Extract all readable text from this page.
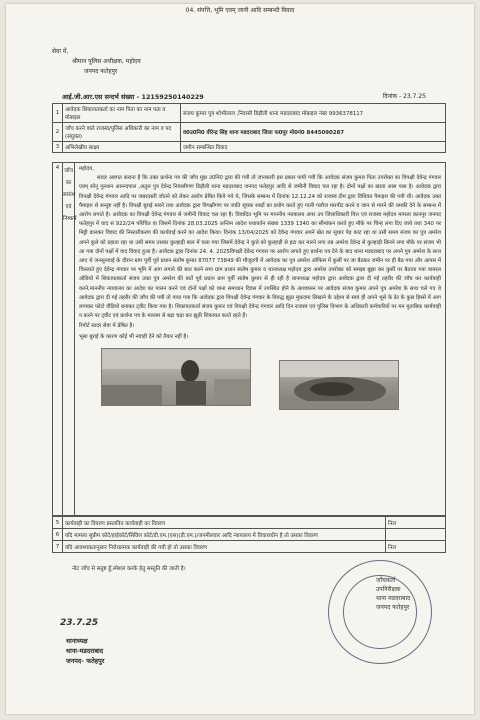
04. संपत्ति, भूमि एवम् जानी आदि सम्बन्धी विवाद
सेवा में,
श्रीमान पुलिस अधीक्षक, महोदय
जनपद फतेहपुर
आई.जी.आर.एस सन्दर्भ संख्या - 12159250140229	दिनांक - 23.7.25
1	आवेदक शिकायतकर्ता का नाम पिता का नाम पता व मोबाइल	संजय कुमार पुत्र शोभीलाल ,निवासी डिड़ौली थाना मडदराबाद मोबाइल नंबर 9936378117
2	जाँच करने वाले राजस्व/पुलिस अधिकारी का नाम व पद (संयुक्त)	व0उ0नि0 वीरेन्द्र सिंह थाना मडदराबाद जिला फ0पुर मो0नं0 8445090287
3	अभिलेखीय साक्ष्य	जमीन सम्बन्धित विवाद
4 जाँच का सारांश एवं निष्कर्ष

महोदय,

सादर अवगत कराना है कि उक्त प्रार्थना पत्र की जाँच मुझ उ0नि0 द्वारा की गयी तो जानकारी इस प्रकार पायी गयी कि आवेदक संजय कुमार पिता उपरोक्त का विपक्षी देवेन्द्र गंगवार एवम् सोनू गुलशन आनन्दपाल ,अतुल पुत्र देवेन्द्र निवासीगण डिड़ौली थाना मडदराबाद जनपद फतेहपुर आदि से जमीनी विवाद चल रहा है। दोनों पक्षों का खाता आस पास है। आवेदक द्वारा विपक्षी देवेन्द्र गंगवार आदि पर जबरदस्ती जोतने को लेकर आरोप प्रेषित किये गये थे, जिसके सम्बन्ध में दिनांक 12.12.24 को राजस्व टीम द्वारा विधिवत पैमाइश की गयी थी। आवेदक उक्त पैमाइश से सन्तुष्ट नहीं है। विपक्षी बुराई मारने तथा आवेदक द्वारा विपक्षीगण पर जाति सूचक शब्दों का प्रयोग करते हुए गाली गलौज मारपीट करने व जान से मारने की धमकी देने के सम्बन्ध में आरोप लगाते है। आवेदक का विपक्षी देवेन्द्र गंगवार से जमीनी विवाद चल रहा है। विवादित भूमि पर माननीय न्यायालय अपर उप जिलाधिकारी वित्त एवं राजस्व महोदय मामला कानपुर जनपद फतेहपुर में वाद सं 922/24 परिचित वा जिसमें दिनांक 28.03.2025 अन्तिम आदेश यथावर्तन संख्या 1339 1340 का सीमांकन करते हुए मौके पर चिन्ह लगा दिए जाये तथा 340 पर मिट्टी डालकर विवाद की निस्तारीकरण की कार्यवाई करने का आदेश किया। दिनांक 13/04/2025 को देवेन्द्र गंगवार अपने खेत का सुधार पेड़ काट रहा था उसी समय संजय का पुत्र अमरेश अपने कुले को डहाता रहा था उसी समय उसका कुल्हाड़ी बाल में चला गया जिसमें देवेन्द्र ने कुत्ते को कुल्हाड़ी से हटा कर मारने लगा तब अमरेश देवेन्द्र से कुल्हाड़ी छिनने लगा मौके पर संजय भी आ गया दोनों पक्षों में वाद विवाद हुआ है। आवेदक द्वारा दिनांक 24. 4. 2025विपक्षी देवेन्द्र गंगवार पर आरोप लगाते हुए प्रार्थना पत्र देने के बाद थाना मडदराबाद पर अपने पुत्र अमरेश के साथ आए थे जनसुनवाई के दौरान ग्राम पूर्वी पूर्व प्रधान संतोष कुमार 87077 73849 की मौजूदगी में आवेदक का पुत्र अमरेश ऑफिस में कुर्सी पर जा बैठकर जमीन पर ही बैठ गया और आपस में चिल्लाते हुए देवेन्द्र गंगवार पर भूमि में आग लगाने की बात करने लगा ग्राम प्रधान संतोष कुमार व थानाध्यक्ष महोदय द्वारा अमरेश उपरोक्त को समझा बुझा कर कुर्सी पर बैठाया गया वायरल ऑडियो में शिकायतकर्ता संजय उक्त पुत्र अमरेश की बातें पूर्व प्रधान ग्राम पूर्वी संतोष कुमार से ही रही है थानाध्यक्ष महोदय द्वारा आवेदक द्वारा दी गई तहरीर की जाँच कर कार्यवाही करने,माननीय न्यायालय का आदेश का पालन करने एवं दोनों पक्षों को थाना समाधान दिवस में उपस्थित होने के आश्वासन पर आवेदक संजय कुमार अपने पुत्र अमरेश के साथ चले गए थे आवेदक द्वारा दी गई तहरीर की जाँच की गयी तो पाया गया कि आवेदक द्वारा विपक्षी देवेन्द्र गंगवार के विरुद्ध झूठा मुकदमा लिखाने के उद्देश्य से स्वयं ही अपने भूसे के ढेर के कुछ हिस्से में आग लगाकर फोटो वीडियो बनाकर ट्वीट किया गया है। शिकायतकर्ता संजय कुमार एवं विपक्षी देवेन्द्र गंगवार आदि दिन राजस्व एवं पुलिस विभाग के अधिकारी कर्मचारियों पर मन मुताबिक कार्यवाही न करने पर ट्वीट एवं प्रार्थना पत्र के माध्यम से बढ़ा चढ़ा कर झूठी शिकायत करते रहते हैं।

रिपोर्ट सादर सेवा में प्रेषित है।

भूसा बुराई के कारण कोई भी नवाही देने को तैयार नहीं है।

5	कार्यवाही का विवरण प्रस्तावित कार्यवाही का विवरण	निल
6	यदि मामला सुप्रीम कोर्ट/हाईकोर्ट/सिविल कोर्ट/डी.एम.(एस)(डी.एम.)/जनमीलवार आदि न्यायालय में विचाराधीन है तो उसका विवरण	
7	यदि आवश्यकतानुसार निरोधात्मक कार्यवाही की गयी हो तो उसका विवरण	निल
नोट जाँच से सतुष्ट हूँ,स्पेशल करके हेतु सस्तुति की जाती है।
जाँचकर्ता
उपनिरीक्षक
थाना मडदराबाद
जनपद फतेहपुर
23.7.25
थानाध्यक्ष
थाना-मडदराबाद
जनपद- फतेहपुर
